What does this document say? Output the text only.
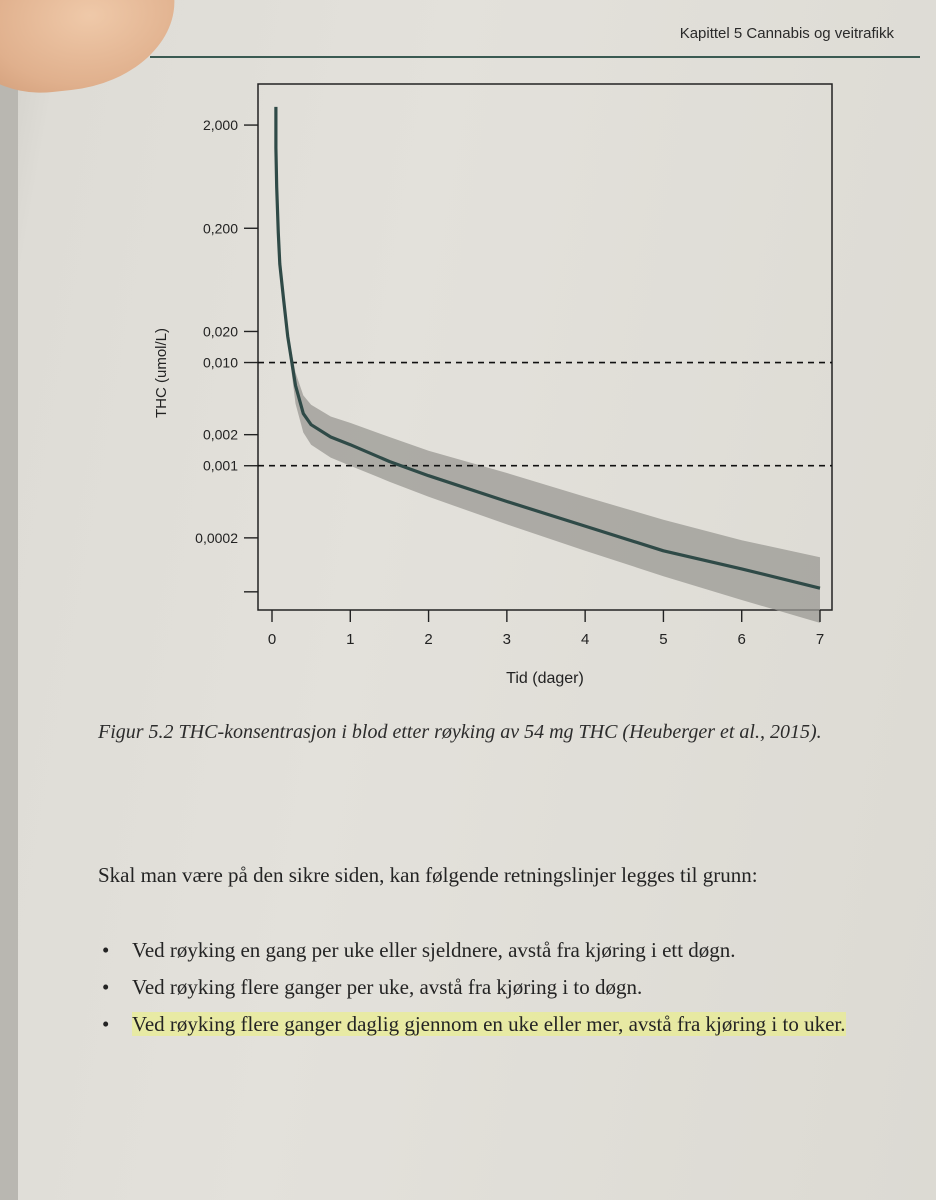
Kapittel 5 Cannabis og veitrafikk
2,000
0,200
0,020
0,010
0,002
0,001
0,0002
0	1	2	3	4	5	6	7
THC (umol/L)
Tid (dager)
Figur 5.2 THC-konsentrasjon i blod etter røyking av 54 mg THC (Heuberger et al., 2015).
Skal man være på den sikre siden, kan følgende retningslinjer legges til grunn:
• Ved røyking en gang per uke eller sjeldnere, avstå fra kjøring i ett døgn.
• Ved røyking flere ganger per uke, avstå fra kjøring i to døgn.
• Ved røyking flere ganger daglig gjennom en uke eller mer, avstå fra kjøring i to uker.
